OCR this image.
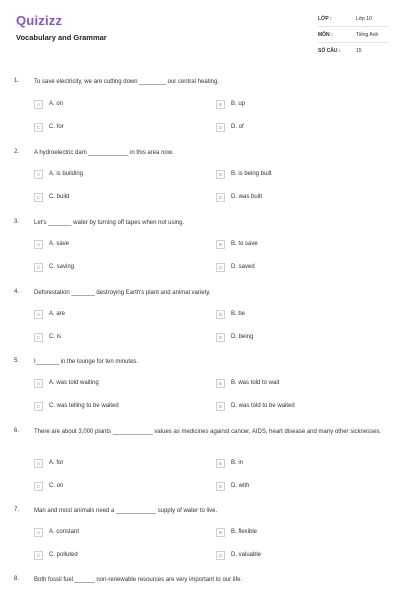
Quizizz
Vocabulary and Grammar
LỚP :	Lớp 10
MÔN :	Tiếng Anh
SỐ CÂU :	15
1. To save electricity, we are cutting down ________ our central heating.
A	A. on	B	B. up
C	C. for	D	D. of
2. A hydroelectric dam ____________ in this area now.
A	A. is building	B	B. is being built
C	C. build	D	D. was built
3. Let's _______ water by turning off tapes when not using.
A	A. save	B	B. to save
C	C. saving	D	D. saved
4. Deforestation _______ destroying Earth's plant and animal variety.
A	A. are	B	B. be
C	C. is	D	D. being
5. I_______ in the lounge for ten minutes.
A	A. was told waiting	B	B. was told to wait
C	C. was telling to be waited	D	D. was told to be waited
6. There are about 3,000 plants ____________ values as medicines against cancer, AIDS, heart disease and many other sicknesses.
A	A. for	B	B. in
C	C. on	D	D. with
7. Man and most animals need a ____________ supply of water to live.
A	A. constant	B	B. flexible
C	C. polluted	D	D. valuable
8. Both fossil fuel ______ non-renewable resources are very important to our life.
